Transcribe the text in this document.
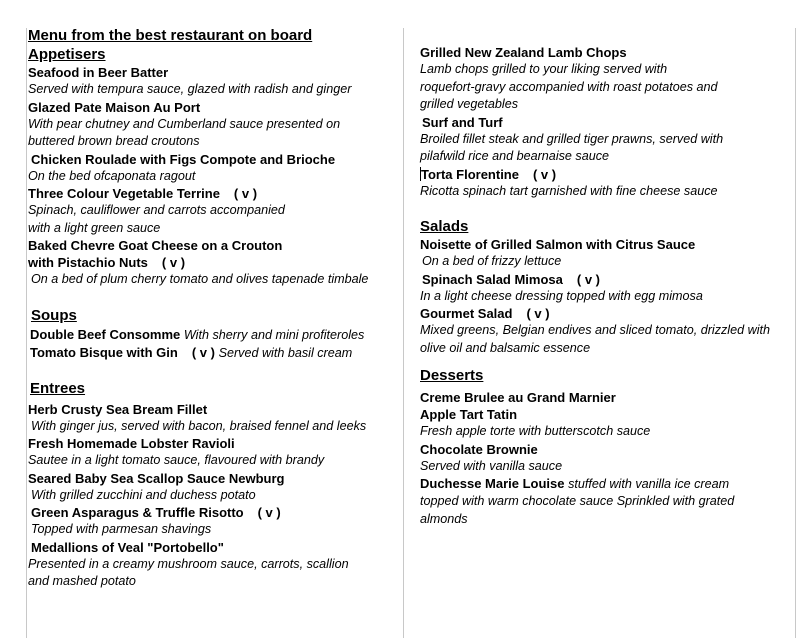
Menu from the best restaurant on board
Appetisers
Seafood in Beer Batter
Served with tempura sauce, glazed with radish and ginger
Glazed Pate Maison Au Port
With pear chutney and Cumberland sauce presented on
buttered brown bread croutons
Chicken Roulade with Figs Compote and Brioche
On the bed ofcaponata ragout
Three Colour Vegetable Terrine ( v )
Spinach, cauliflower and carrots accompanied
with a light green sauce
Baked Chevre Goat Cheese on a Crouton
with Pistachio Nuts ( v )
On a bed of plum cherry tomato and olives tapenade timbale
Soups
Double Beef Consomme With sherry and mini profiteroles
Tomato Bisque with Gin ( v ) Served with basil cream
Entrees
Herb Crusty Sea Bream Fillet
With ginger jus, served with bacon, braised fennel and leeks
Fresh Homemade Lobster Ravioli
Sautee in a light tomato sauce, flavoured with brandy
Seared Baby Sea Scallop Sauce Newburg
With grilled zucchini and duchess potato
Green Asparagus & Truffle Risotto ( v )
Topped with parmesan shavings
Medallions of Veal "Portobello"
Presented in a creamy mushroom sauce, carrots, scallion
and mashed potato
Grilled New Zealand Lamb Chops
Lamb chops grilled to your liking served with
roquefort-gravy accompanied with roast potatoes and
grilled vegetables
Surf and Turf
Broiled fillet steak and grilled tiger prawns, served with
pilafwild rice and bearnaise sauce
Torta Florentine ( v )
Ricotta spinach tart garnished with fine cheese sauce
Salads
Noisette of Grilled Salmon with Citrus Sauce
On a bed of frizzy lettuce
Spinach Salad Mimosa ( v )
In a light cheese dressing topped with egg mimosa
Gourmet Salad ( v )
Mixed greens, Belgian endives and sliced tomato, drizzled with
olive oil and balsamic essence
Desserts
Creme Brulee au Grand Marnier
Apple Tart Tatin
Fresh apple torte with butterscotch sauce
Chocolate Brownie
Served with vanilla sauce
Duchesse Marie Louise stuffed with vanilla ice cream
topped with warm chocolate sauce Sprinkled with grated
almonds
